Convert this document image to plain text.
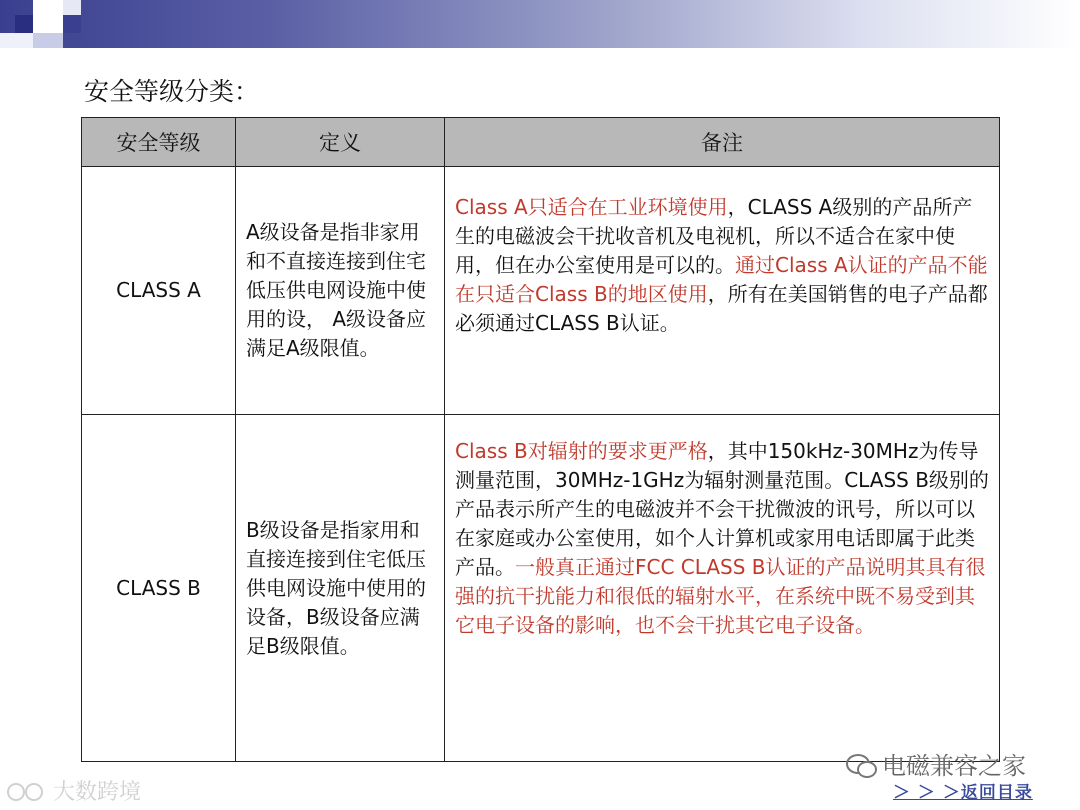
安全等级分类：
安全等级	定义	备注
CLASS A	A级设备是指非家用和不直接连接到住宅低压供电网设施中使用的设， A级设备应满足A级限值。	Class A只适合在工业环境使用，CLASS A级别的产品所产生的电磁波会干扰收音机及电视机，所以不适合在家中使用，但在办公室使用是可以的。通过Class A认证的产品不能在只适合Class B的地区使用，所有在美国销售的电子产品都必须通过CLASS B认证。
CLASS B	B级设备是指家用和直接连接到住宅低压供电网设施中使用的设备，B级设备应满足B级限值。	Class B对辐射的要求更严格，其中150kHz-30MHz为传导测量范围，30MHz-1GHz为辐射测量范围。CLASS B级别的产品表示所产生的电磁波并不会干扰微波的讯号，所以可以在家庭或办公室使用，如个人计算机或家用电话即属于此类产品。一般真正通过FCC CLASS B认证的产品说明其具有很强的抗干扰能力和很低的辐射水平，在系统中既不易受到其它电子设备的影响，也不会干扰其它电子设备。
电磁兼容之家
大数跨境	＞ ＞ ＞返回目录
